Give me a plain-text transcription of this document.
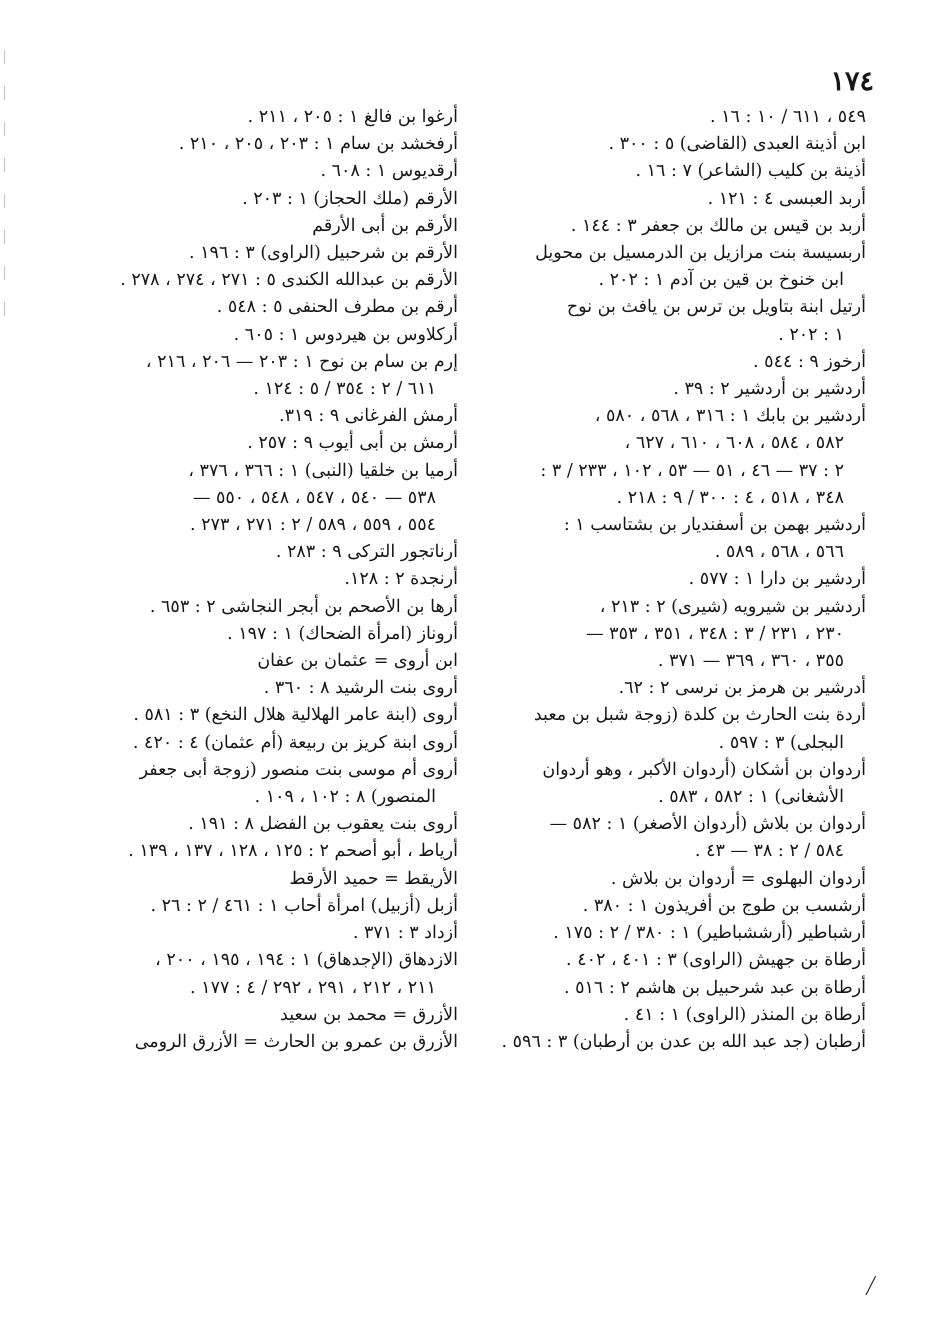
١٧٤
٥٤٩ ، ٦١١ / ١٠ : ١٦ .
ابن أذينة العبدى (القاضى) ٥ : ٣٠٠ .
أذينة بن كليب (الشاعر) ٧ : ١٦ .
أربد العبسى ٤ : ١٢١ .
أربد بن قيس بن مالك بن جعفر ٣ : ١٤٤ .
أربسيسة بنت مرازيل بن الدرمسيل بن محويل
ابن خنوخ بن قين بن آدم ١ : ٢٠٢ .
أرتيل ابنة بتاويل بن ترس بن يافث بن نوح
١ : ٢٠٢ .
أرخوز ٩ : ٥٤٤ .
أردشير بن أردشير ٢ : ٣٩ .
أردشير بن بابك ١ : ٣١٦ ، ٥٦٨ ، ٥٨٠ ،
٥٨٢ ، ٥٨٤ ، ٦٠٨ ، ٦١٠ ، ٦٢٧ ،
٢ : ٣٧ — ٤٦ ، ٥١ — ٥٣ ، ١٠٢ ، ٢٣٣ / ٣ :
٣٤٨ ، ٥١٨ ، ٤ : ٣٠٠ / ٩ : ٢١٨ .
أردشير بهمن بن أسفنديار بن بشتاسب ١ :
٥٦٦ ، ٥٦٨ ، ٥٨٩ .
أردشير بن دارا ١ : ٥٧٧ .
أردشير بن شيرويه (شيرى) ٢ : ٢١٣ ،
٢٣٠ ، ٢٣١ / ٣ : ٣٤٨ ، ٣٥١ ، ٣٥٣ —
٣٥٥ ، ٣٦٠ ، ٣٦٩ — ٣٧١ .
أدرشير بن هرمز بن نرسى ٢ : ٦٢.
أردة بنت الحارث بن كلدة (زوجة شبل بن معبد
البجلى) ٣ : ٥٩٧ .
أردوان بن أشكان (أردوان الأكبر ، وهو أردوان
الأشغانى) ١ : ٥٨٢ ، ٥٨٣ .
أردوان بن بلاش (أردوان الأصغر) ١ : ٥٨٢ —
٥٨٤ / ٢ : ٣٨ — ٤٣ .
أردوان البهلوى = أردوان بن بلاش .
أرشسب بن طوج بن أفريذون ١ : ٣٨٠ .
أرشباطير (أرششباطير) ١ : ٣٨٠ / ٢ : ١٧٥ .
أرطاة بن جهيش (الراوى) ٣ : ٤٠١ ، ٤٠٢ .
أرطاة بن عبد شرحبيل بن هاشم ٢ : ٥١٦ .
أرطاة بن المنذر (الراوى) ١ : ٤١ .
أرطبان (جد عبد الله بن عدن بن أرطبان) ٣ : ٥٩٦ .
أرغوا بن فالغ ١ : ٢٠٥ ، ٢١١ .
أرفخشد بن سام ١ : ٢٠٣ ، ٢٠٥ ، ٢١٠ .
أرقديوس ١ : ٦٠٨ .
الأرقم (ملك الحجاز) ١ : ٢٠٣ .
الأرقم بن أبى الأرقم
الأرقم بن شرحبيل (الراوى) ٣ : ١٩٦ .
الأرقم بن عبدالله الكندى ٥ : ٢٧١ ، ٢٧٤ ، ٢٧٨ .
أرقم بن مطرف الحنفى ٥ : ٥٤٨ .
أركلاوس بن هيردوس ١ : ٦٠٥ .
إرم بن سام بن نوح ١ : ٢٠٣ — ٢٠٦ ، ٢١٦ ،
٦١١ / ٢ : ٣٥٤ / ٥ : ١٢٤ .
أرمش الفرغانى ٩ : ٣١٩.
أرمش بن أبى أيوب ٩ : ٢٥٧ .
أرميا بن خلقيا (النبى) ١ : ٣٦٦ ، ٣٧٦ ،
٥٣٨ — ٥٤٠ ، ٥٤٧ ، ٥٤٨ ، ٥٥٠ —
٥٥٤ ، ٥٥٩ ، ٥٨٩ / ٢ : ٢٧١ ، ٢٧٣ .
أرناتجور التركى ٩ : ٢٨٣ .
أرنجدة ٢ : ١٢٨.
أرها بن الأصحم بن أبجر النجاشى ٢ : ٦٥٣ .
أروناز (امرأة الضحاك) ١ : ١٩٧ .
ابن أروى = عثمان بن عفان
أروى بنت الرشيد ٨ : ٣٦٠ .
أروى (ابنة عامر الهلالية هلال النخع) ٣ : ٥٨١ .
أروى ابنة كريز بن ربيعة (أم عثمان) ٤ : ٤٢٠ .
أروى أم موسى بنت منصور (زوجة أبى جعفر
المنصور) ٨ : ١٠٢ ، ١٠٩ .
أروى بنت يعقوب بن الفضل ٨ : ١٩١ .
أرياط ، أبو أصحم ٢ : ١٢٥ ، ١٢٨ ، ١٣٧ ، ١٣٩ .
الأريقط = حميد الأرقط
أزبل (أزبيل) امرأة أحاب ١ : ٤٦١ / ٢ : ٢٦ .
أزداد ٣ : ٣٧١ .
الازدهاق (الإجدهاق) ١ : ١٩٤ ، ١٩٥ ، ٢٠٠ ،
٢١١ ، ٢١٢ ، ٢٩١ ، ٢٩٢ / ٤ : ١٧٧ .
الأزرق = محمد بن سعيد
الأزرق بن عمرو بن الحارث = الأزرق الرومى
╱
